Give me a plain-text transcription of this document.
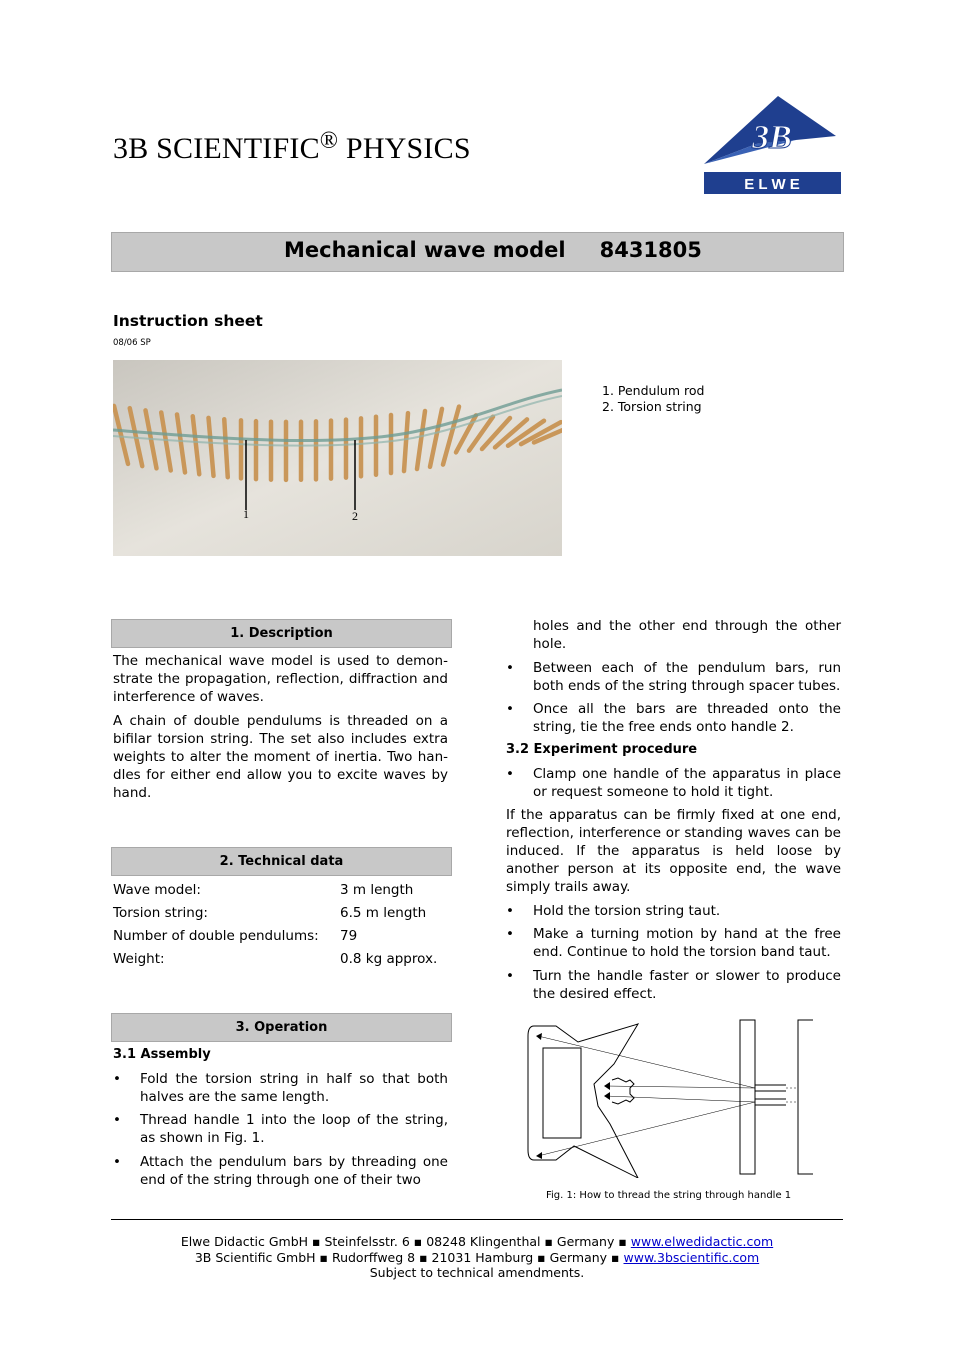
3B SCIENTIFIC® PHYSICS	3B
E L W E
Mechanical wave model 8431805
Instruction sheet
08/06 SP
1	2
1. Pendulum rod
2. Torsion string
1. Description
The mechanical wave model is used to demon-strate the propagation, reflection, diffraction and interference of waves.
A chain of double pendulums is threaded on a bifilar torsion string. The set also includes extra weights to alter the moment of inertia. Two han-dles for either end allow you to excite waves by hand.
2. Technical data
Wave model:	3 m length
Torsion string:	6.5 m length
Number of double pendulums: 79
Weight:	0.8 kg approx.
3. Operation
3.1 Assembly
• Fold the torsion string in half so that both halves are the same length.
• Thread handle 1 into the loop of the string, as shown in Fig. 1.
• Attach the pendulum bars by threading one end of the string through one of their two
holes and the other end through the other hole.
• Between each of the pendulum bars, run both ends of the string through spacer tubes.
• Once all the bars are threaded onto the string, tie the free ends onto handle 2.
3.2 Experiment procedure
• Clamp one handle of the apparatus in place or request someone to hold it tight.
If the apparatus can be firmly fixed at one end, reflection, interference or standing waves can be induced. If the apparatus is held loose by another person at its opposite end, the wave simply trails away.
• Hold the torsion string taut.
• Make a turning motion by hand at the free end. Continue to hold the torsion band taut.
• Turn the handle faster or slower to produce the desired effect.
Fig. 1: How to thread the string through handle 1
Elwe Didactic GmbH ▪ Steinfelsstr. 6 ▪ 08248 Klingenthal ▪ Germany ▪ www.elwedidactic.com
3B Scientific GmbH ▪ Rudorffweg 8 ▪ 21031 Hamburg ▪ Germany ▪ www.3bscientific.com
Subject to technical amendments.
